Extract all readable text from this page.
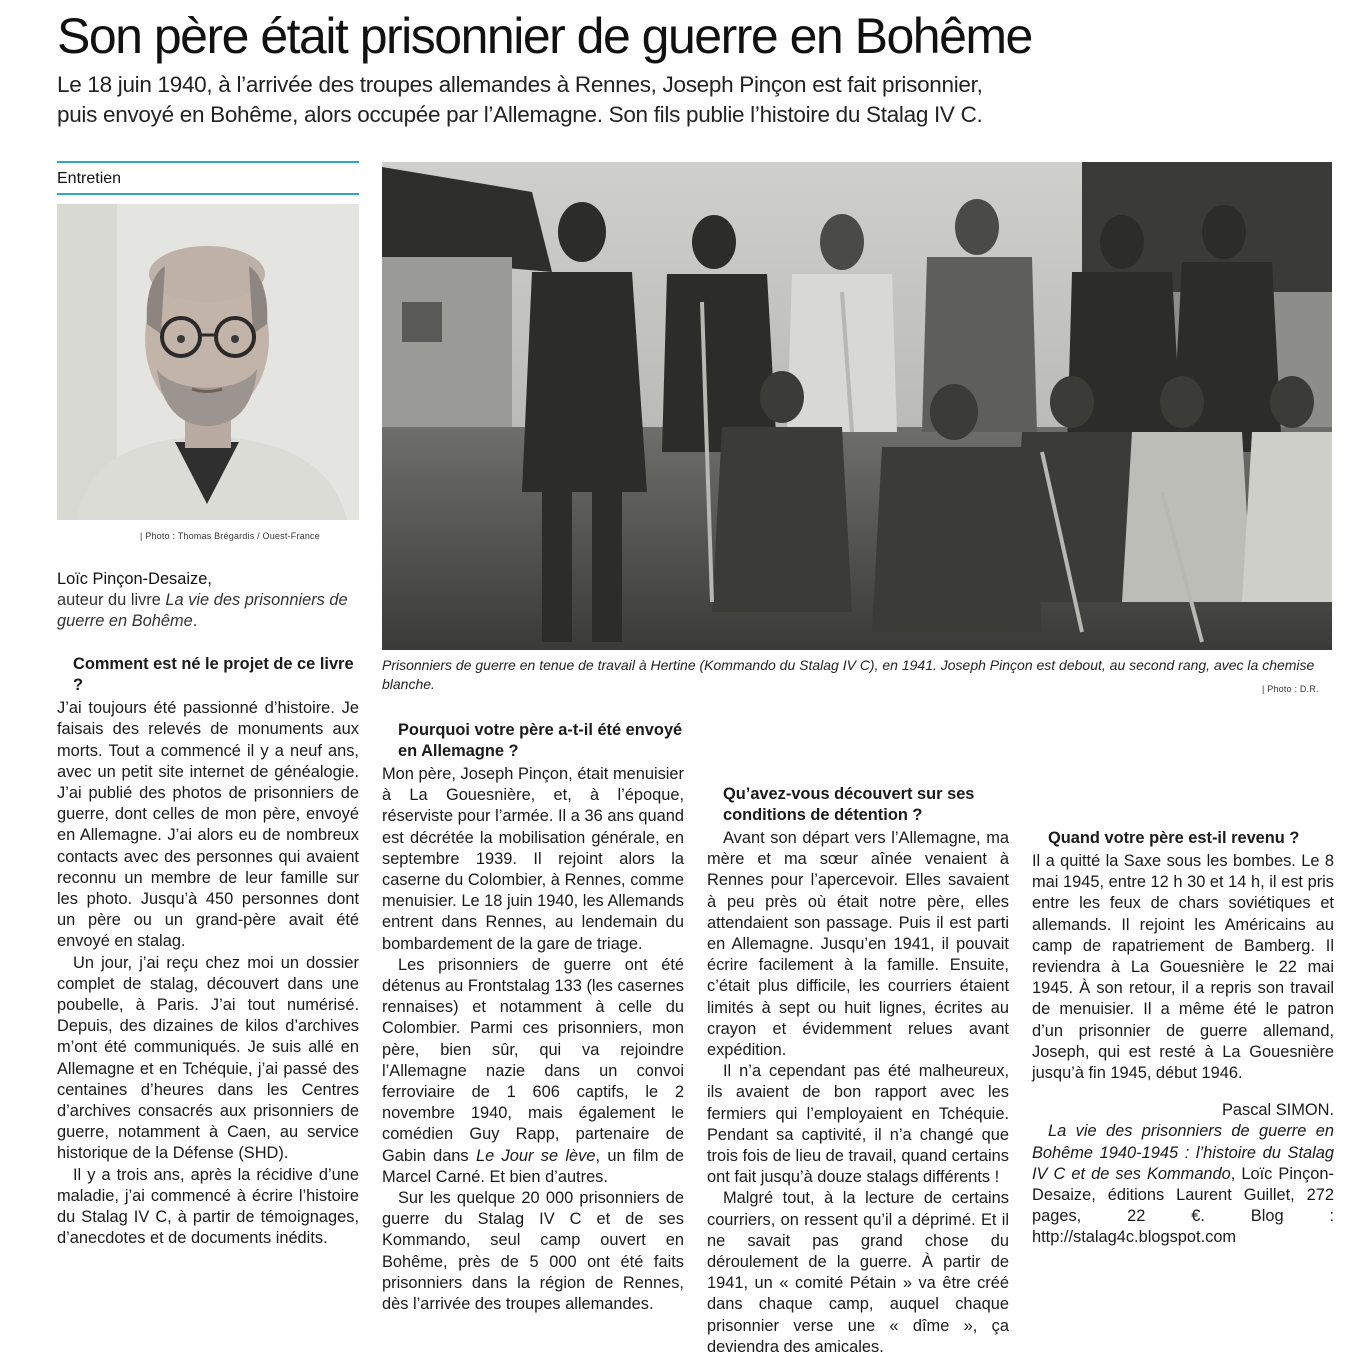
Son père était prisonnier de guerre en Bohême
Le 18 juin 1940, à l’arrivée des troupes allemandes à Rennes, Joseph Pinçon est fait prisonnier,
puis envoyé en Bohême, alors occupée par l’Allemagne. Son fils publie l’histoire du Stalag IV C.
Entretien
| Photo : Thomas Brégardis / Ouest-France
Prisonniers de guerre en tenue de travail à Hertine (Kommando du Stalag IV C), en 1941. Joseph Pinçon est debout, au second rang, avec la chemise blanche.	| Photo : D.R.

Loïc Pinçon-Desaize,

auteur du livre La vie des prisonniers de guerre en Bohême.

Comment est né le projet de ce livre ?

J’ai toujours été passionné d’histoire. Je faisais des relevés de monuments aux morts. Tout a commencé il y a neuf ans, avec un petit site internet de généalogie. J’ai publié des photos de prisonniers de guerre, dont celles de mon père, envoyé en Allemagne. J’ai alors eu de nombreux contacts avec des personnes qui avaient reconnu un membre de leur famille sur les photo. Jusqu’à 450 personnes dont un père ou un grand-père avait été envoyé en stalag.

Un jour, j’ai reçu chez moi un dossier complet de stalag, découvert dans une poubelle, à Paris. J’ai tout numérisé. Depuis, des dizaines de kilos d’archives m’ont été communiqués. Je suis allé en Allemagne et en Tchéquie, j’ai passé des centaines d’heures dans les Centres d’archives consacrés aux prisonniers de guerre, notamment à Caen, au service historique de la Défense (SHD).

Il y a trois ans, après la récidive d’une maladie, j’ai commencé à écrire l’histoire du Stalag IV C, à partir de témoignages, d’anecdotes et de documents inédits.

Pourquoi votre père a-t-il été envoyé en Allemagne ?

Mon père, Joseph Pinçon, était menuisier à La Gouesnière, et, à l’époque, réserviste pour l’armée. Il a 36 ans quand est décrétée la mobilisation générale, en septembre 1939. Il rejoint alors la caserne du Colombier, à Rennes, comme menuisier. Le 18 juin 1940, les Allemands entrent dans Rennes, au lendemain du bombardement de la gare de triage.

Les prisonniers de guerre ont été détenus au Frontstalag 133 (les casernes rennaises) et notamment à celle du Colombier. Parmi ces prisonniers, mon père, bien sûr, qui va rejoindre l’Allemagne nazie dans un convoi ferroviaire de 1 606 captifs, le 2 novembre 1940, mais également le comédien Guy Rapp, partenaire de Gabin dans Le Jour se lève, un film de Marcel Carné. Et bien d’autres.

Sur les quelque 20 000 prisonniers de guerre du Stalag IV C et de ses Kommando, seul camp ouvert en Bohême, près de 5 000 ont été faits prisonniers dans la région de Rennes, dès l’arrivée des troupes allemandes.

Qu’avez-vous découvert sur ses conditions de détention ?

Avant son départ vers l’Allemagne, ma mère et ma sœur aînée venaient à Rennes pour l’apercevoir. Elles savaient à peu près où était notre père, elles attendaient son passage. Puis il est parti en Allemagne. Jusqu’en 1941, il pouvait écrire facilement à la famille. Ensuite, c’était plus difficile, les courriers étaient limités à sept ou huit lignes, écrites au crayon et évidemment relues avant expédition.

Il n’a cependant pas été malheureux, ils avaient de bon rapport avec les fermiers qui l’employaient en Tchéquie. Pendant sa captivité, il n’a changé que trois fois de lieu de travail, quand certains ont fait jusqu’à douze stalags différents !

Malgré tout, à la lecture de certains courriers, on ressent qu’il a déprimé. Et il ne savait pas grand chose du déroulement de la guerre. À partir de 1941, un « comité Pétain » va être créé dans chaque camp, auquel chaque prisonnier verse une « dîme », ça deviendra des amicales.

Quand votre père est-il revenu ?

Il a quitté la Saxe sous les bombes. Le 8 mai 1945, entre 12 h 30 et 14 h, il est pris entre les feux de chars soviétiques et allemands. Il rejoint les Américains au camp de rapatriement de Bamberg. Il reviendra à La Gouesnière le 22 mai 1945. À son retour, il a repris son travail de menuisier. Il a même été le patron d’un prisonnier de guerre allemand, Joseph, qui est resté à La Gouesnière jusqu’à fin 1945, début 1946.

Pascal SIMON.

La vie des prisonniers de guerre en Bohême 1940-1945 : l’histoire du Stalag IV C et de ses Kommando, Loïc Pinçon-Desaize, éditions Laurent Guillet, 272 pages, 22 €. Blog : http://stalag4c.blogspot.com
